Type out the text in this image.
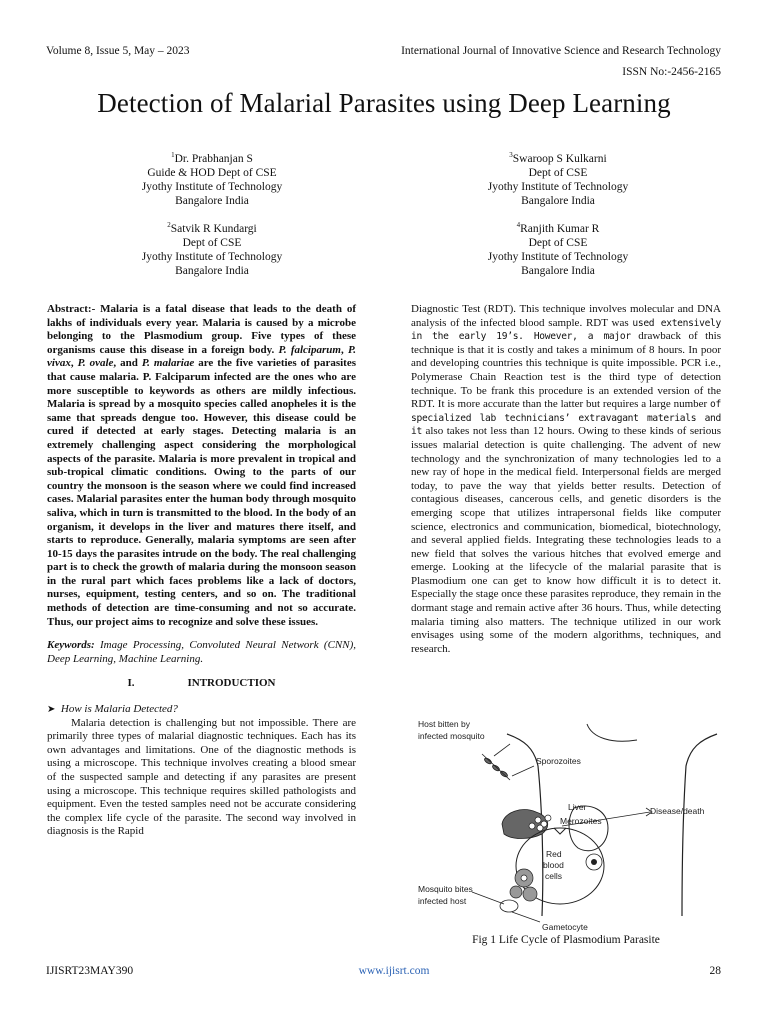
Volume 8, Issue 5, May – 2023	International Journal of Innovative Science and Research Technology
ISSN No:-2456-2165
Detection of Malarial Parasites using Deep Learning
$^1$Dr. Prabhanjan S
Guide & HOD Dept of CSE
Jyothy Institute of Technology
Bangalore India
$^3$Swaroop S Kulkarni
Dept of CSE
Jyothy Institute of Technology
Bangalore India
$^2$Satvik R Kundargi
Dept of CSE
Jyothy Institute of Technology
Bangalore India
$^4$Ranjith Kumar R
Dept of CSE
Jyothy Institute of Technology
Bangalore India

Abstract:- Malaria is a fatal disease that leads to the death of lakhs of individuals every year. Malaria is caused by a microbe belonging to the Plasmodium group. Five types of these organisms cause this disease in a foreign body. P. falciparum, P. vivax, P. ovale, and P. malariae are the five varieties of parasites that cause malaria. P. Falciparum infected are the ones who are more susceptible to keywords as others are mildly infectious. Malaria is spread by a mosquito species called anopheles it is the same that spreads dengue too. However, this disease could be cured if detected at early stages. Detecting malaria is an extremely challenging aspect considering the morphological aspects of the parasite. Malaria is more prevalent in tropical and sub-tropical climatic conditions. Owing to the parts of our country the monsoon is the season where we could find increased cases. Malarial parasites enter the human body through mosquito saliva, which in turn is transmitted to the blood. In the body of an organism, it develops in the liver and matures there itself, and starts to reproduce. Generally, malaria symptoms are seen after 10-15 days the parasites intrude on the body. The real challenging part is to check the growth of malaria during the monsoon season in the rural part which faces problems like a lack of doctors, nurses, equipment, testing centers, and so on. The traditional methods of detection are time-consuming and not so accurate. Thus, our project aims to recognize and solve these issues.

Keywords: Image Processing, Convoluted Neural Network (CNN), Deep Learning, Machine Learning.

I.	INTRODUCTION

➤ How is Malaria Detected?

Malaria detection is challenging but not impossible. There are primarily three types of malarial diagnostic techniques. Each has its own advantages and limitations. One of the diagnostic methods is using a microscope. This technique involves creating a blood smear of the suspected sample and detecting if any parasites are present using a microscope. This technique requires skilled pathologists and equipment. Even the tested samples need not be accurate considering the complex life cycle of the parasite. The second way involved in diagnosis is the Rapid

Diagnostic Test (RDT). This technique involves molecular and DNA analysis of the infected blood sample. RDT was used extensively in the early 19’s. However, a major drawback of this technique is that it is costly and takes a minimum of 8 hours. In poor and developing countries this technique is quite impossible. PCR i.e., Polymerase Chain Reaction test is the third type of detection technique. To be frank this procedure is an extended version of the RDT. It is more accurate than the latter but requires a large number of specialized lab technicians’ extravagant materials and it also takes not less than 12 hours. Owing to these kinds of serious issues malarial detection is quite challenging. The advent of new technology and the synchronization of many technologies led to a new ray of hope in the medical field. Interpersonal fields are merged today, to pave the way that yields better results. Detection of contagious diseases, cancerous cells, and genetic disorders is the emerging scope that utilizes intrapersonal fields like computer science, electronics and communication, biomedical, biotechnology, and several applied fields. Integrating these technologies leads to a new field that solves the various hitches that evolved emerge and emerge. Looking at the lifecycle of the malarial parasite that is Plasmodium one can get to know how difficult it is to detect it. Especially the stage once these parasites reproduce, they remain in the dormant stage and remain active after 36 hours. Thus, while detecting malaria timing also matters. The technique utilized in our work envisages using some of the modern algorithms, techniques, and research.

Host bitten by
infected mosquito
Sporozoites
Liver
Merozoites
Disease/death
Red
blood
cells
Mosquito bites
infected host
Gametocyte
Fig 1 Life Cycle of Plasmodium Parasite
IJISRT23MAY390	www.ijisrt.com	28
